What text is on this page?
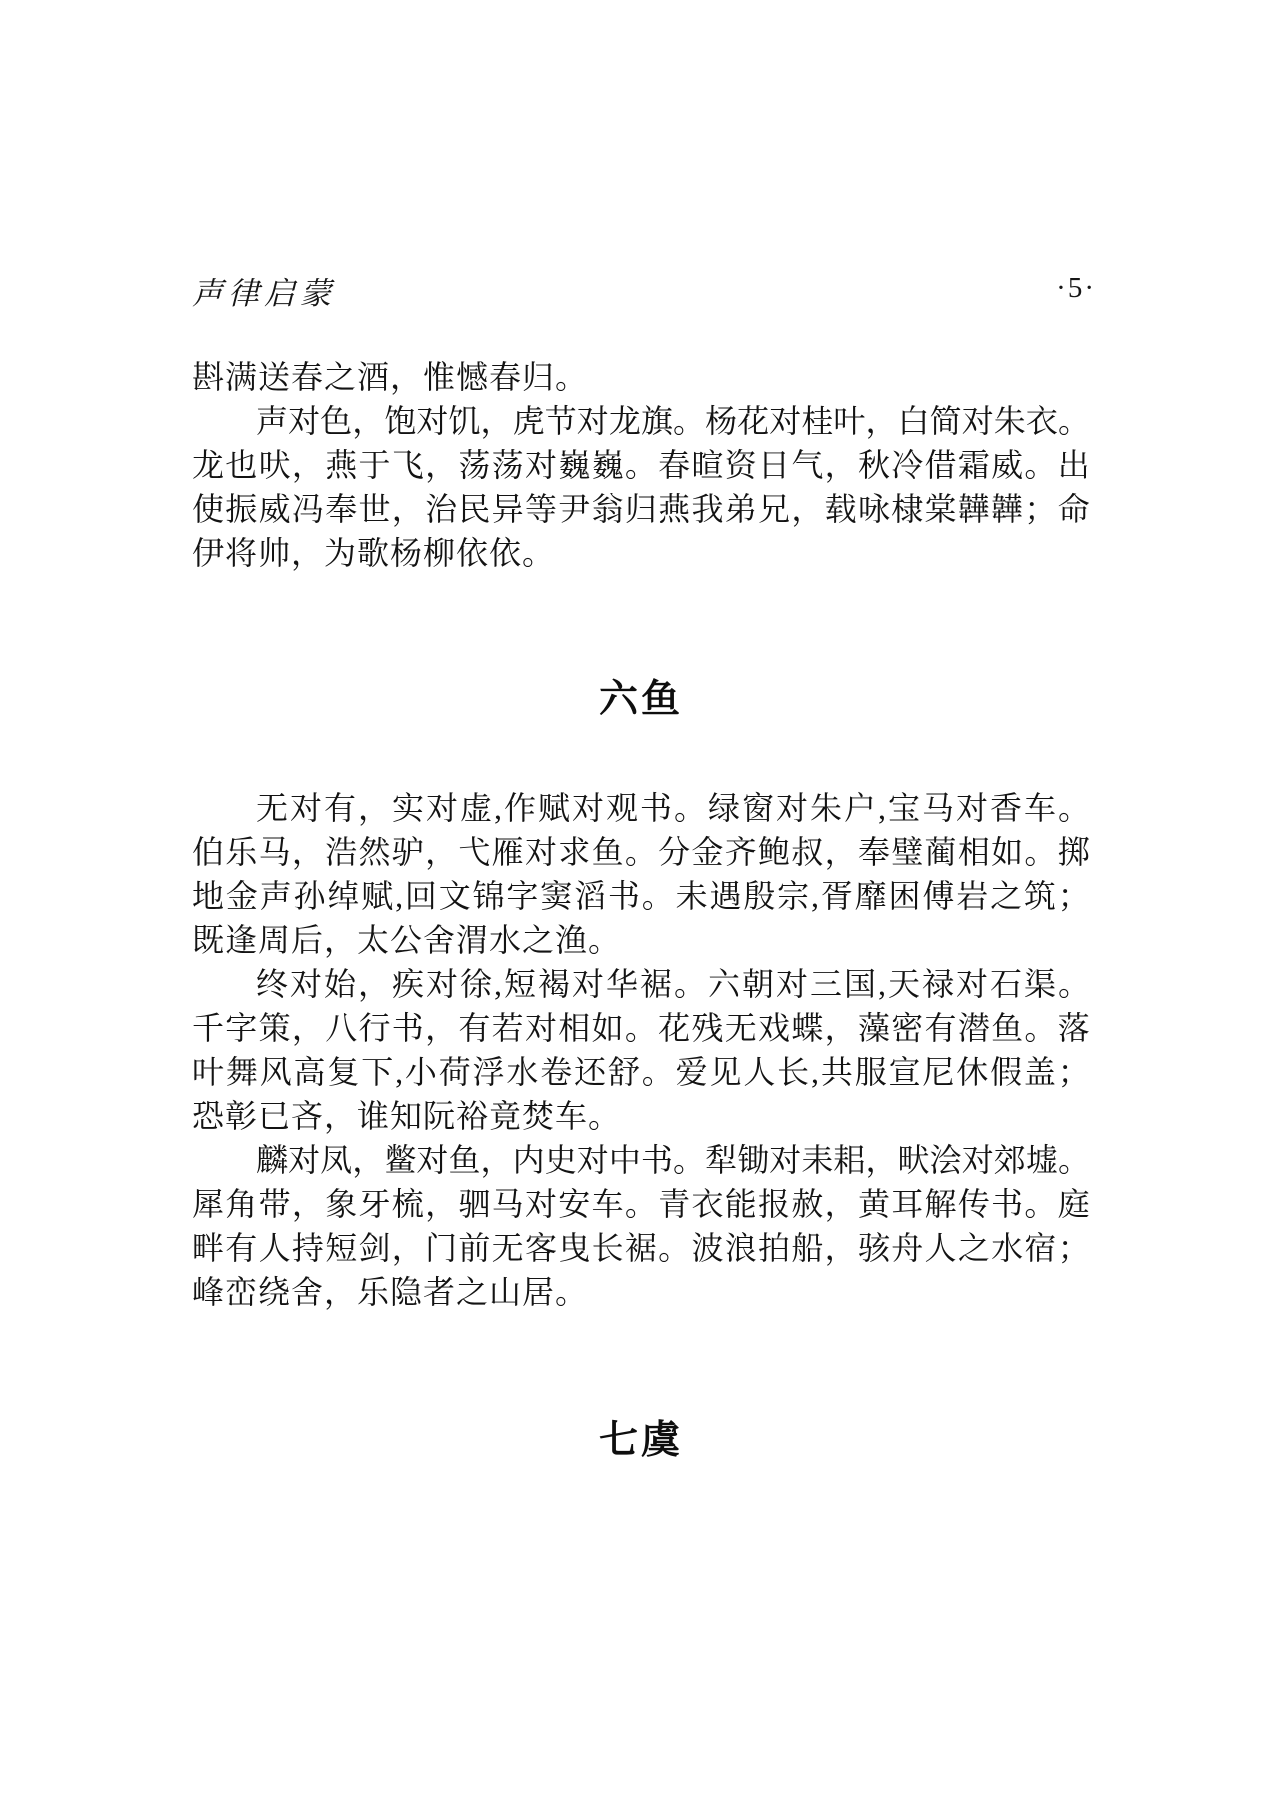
声律启蒙	·5·
斟满送春之酒，惟憾春归。
声 对 色 ， 饱 对 饥 ， 虎 节 对 龙 旗 。 杨 花 对 桂 叶 ， 白 简 对 朱 衣 。
龙 也 吠 ， 燕 于 飞 ， 荡 荡 对 巍 巍 。 春 暄 资 日 气 ， 秋 冷 借 霜 威 。 出
使 振 威 冯 奉 世 ， 治 民 异 等 尹 翁 归 燕 我 弟 兄 ， 载 咏 棣 棠 韡 韡 ； 命
伊将帅，为歌杨柳依依。
六鱼
无 对 有 ， 实 对 虚 , 作 赋 对 观 书 。 绿 窗 对 朱 户 , 宝 马 对 香 车 。
伯 乐 马 ， 浩 然 驴 ， 弋 雁 对 求 鱼 。 分 金 齐 鲍 叔 ， 奉 璧 蔺 相 如 。 掷
地 金 声 孙 绰 赋 , 回 文 锦 字 窦 滔 书 。 未 遇 殷 宗 , 胥 靡 困 傅 岩 之 筑 ；
既逢周后，太公舍渭水之渔。
终 对 始 ， 疾 对 徐 , 短 褐 对 华 裾 。 六 朝 对 三 国 , 天 禄 对 石 渠 。
千 字 策 ， 八 行 书 ， 有 若 对 相 如 。 花 残 无 戏 蝶 ， 藻 密 有 潜 鱼 。 落
叶 舞 风 高 复 下 , 小 荷 浮 水 卷 还 舒 。 爱 见 人 长 , 共 服 宣 尼 休 假 盖 ；
恐彰已吝，谁知阮裕竟焚车。
麟 对 凤 ， 鳖 对 鱼 ， 内 史 对 中 书 。 犁 锄 对 耒 耜 ， 畎 浍 对 郊 墟 。
犀 角 带 ， 象 牙 梳 ， 驷 马 对 安 车 。 青 衣 能 报 赦 ， 黄 耳 解 传 书 。 庭
畔 有 人 持 短 剑 ， 门 前 无 客 曳 长 裾 。 波 浪 拍 船 ， 骇 舟 人 之 水 宿 ；
峰峦绕舍，乐隐者之山居。
七虞
